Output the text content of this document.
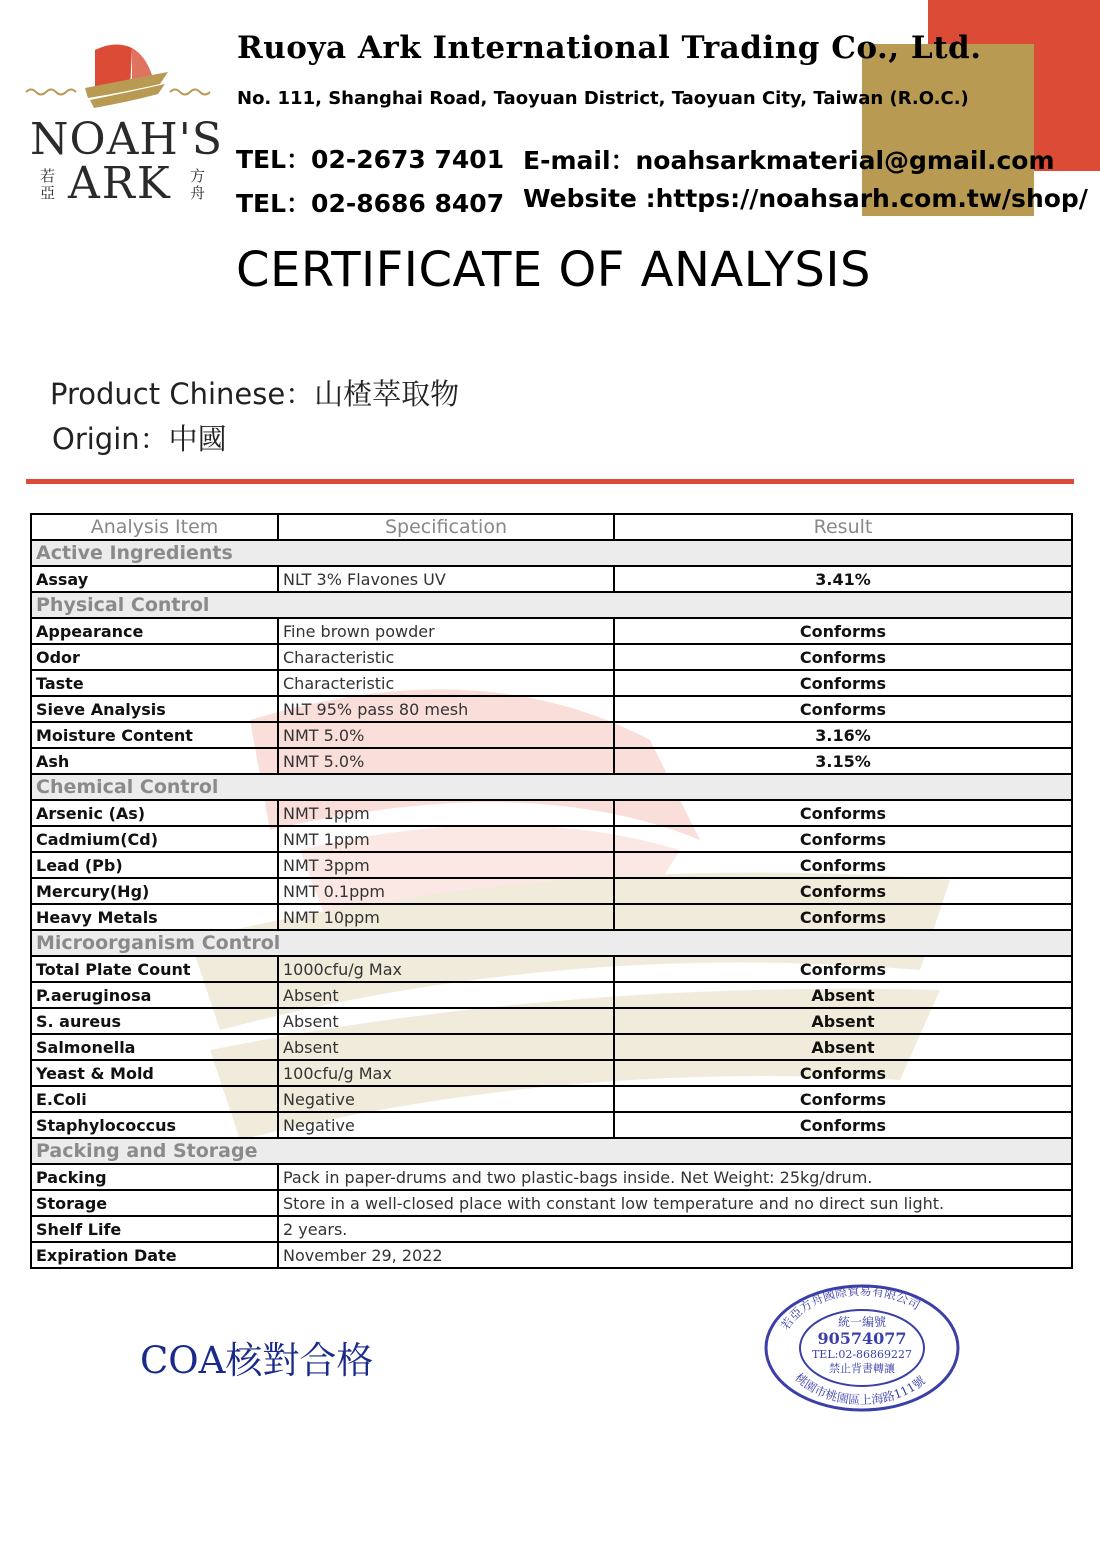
NOAH'S
ARK
若亞
方舟
Ruoya Ark International Trading Co., Ltd.
No. 111, Shanghai Road, Taoyuan District, Taoyuan City, Taiwan (R.O.C.)
TEL：02-2673 7401
TEL：02-8686 8407
E-mail：noahsarkmaterial@gmail.com
Website :https://noahsarh.com.tw/shop/
CERTIFICATE OF ANALYSIS
Product Chinese：山楂萃取物
Origin：中國
Analysis Item	Specification	Result
Active Ingredients		
Assay	NLT 3% Flavones UV	3.41%
Physical Control		
Appearance	Fine brown powder	Conforms
Odor	Characteristic	Conforms
Taste	Characteristic	Conforms
Sieve Analysis	NLT 95% pass 80 mesh	Conforms
Moisture Content	NMT 5.0%	3.16%
Ash	NMT 5.0%	3.15%
Chemical Control		
Arsenic (As)	NMT 1ppm	Conforms
Cadmium(Cd)	NMT 1ppm	Conforms
Lead (Pb)	NMT 3ppm	Conforms
Mercury(Hg)	NMT 0.1ppm	Conforms
Heavy Metals	NMT 10ppm	Conforms
Microorganism Control		
Total Plate Count	1000cfu/g Max	Conforms
P.aeruginosa	Absent	Absent
S. aureus	Absent	Absent
Salmonella	Absent	Absent
Yeast & Mold	100cfu/g Max	Conforms
E.Coli	Negative	Conforms
Staphylococcus	Negative	Conforms
Packing and Storage		
Packing	Pack in paper-drums and two plastic-bags inside. Net Weight: 25kg/drum.	
Storage	Store in a well-closed place with constant low temperature and no direct sun light.	
Shelf Life	2 years.	
Expiration Date	November 29, 2022	
COA核對合格
若亞方舟國際貿易有限公司
桃園市桃園區上海路111號
統一編號
90574077
TEL:02-86869227
禁止背書轉讓
